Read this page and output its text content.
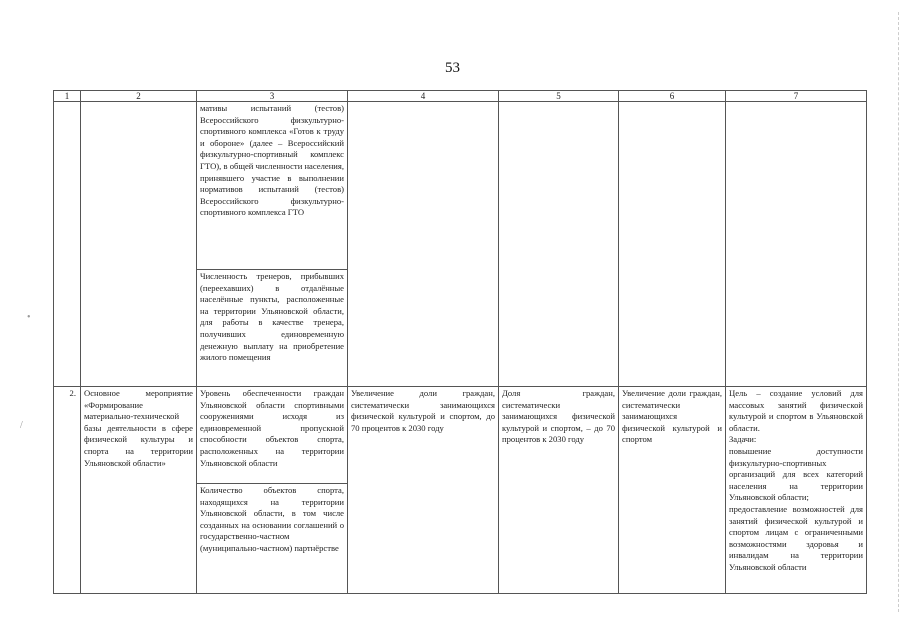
53
•
/
1	2	3	4	5	6	7
		мативы испытаний (тестов) Всероссийского физкультурно-спортивного комплекса «Готов к труду и обороне» (далее – Всероссийский физкультурно-спортивный комплекс ГТО), в общей численности населения, принявшего участие в выполнении нормативов испытаний (тестов) Всероссийского физкультурно-спортивного комплекса ГТО				
		Численность тренеров, прибывших (переехавших) в отдалённые населённые пункты, расположенные на территории Ульяновской области, для работы в качестве тренера, получивших единовременную денежную выплату на приобретение жилого помещения				
2.	Основное мероприятие «Формирование материально-технической базы деятельности в сфере физической культуры и спорта на территории Ульяновской области»	Уровень обеспеченности граждан Ульяновской области спортивными сооружениями исходя из единовременной пропускной способности объектов спорта, расположенных на территории Ульяновской области	Увеличение доли граждан, систематически занимающихся физической культурой и спортом, до 70 процентов к 2030 году	Доля граждан, систематически занимающихся физической культурой и спортом, – до 70 процентов к 2030 году	Увеличение доли граждан, систематически занимающихся физической культурой и спортом	Цель – создание условий для массовых занятий физической культурой и спортом в Ульяновской области.
Задачи:
повышение доступности физкультурно-спортивных организаций для всех категорий населения на территории Ульяновской области;
предоставление возможностей для занятий физической культурой и спортом лицам с ограниченными возможностями здоровья и инвалидам на территории Ульяновской области
		Количество объектов спорта, находящихся на территории Ульяновской области, в том числе созданных на основании соглашений о государственно-частном (муниципально-частном) партнёрстве				
